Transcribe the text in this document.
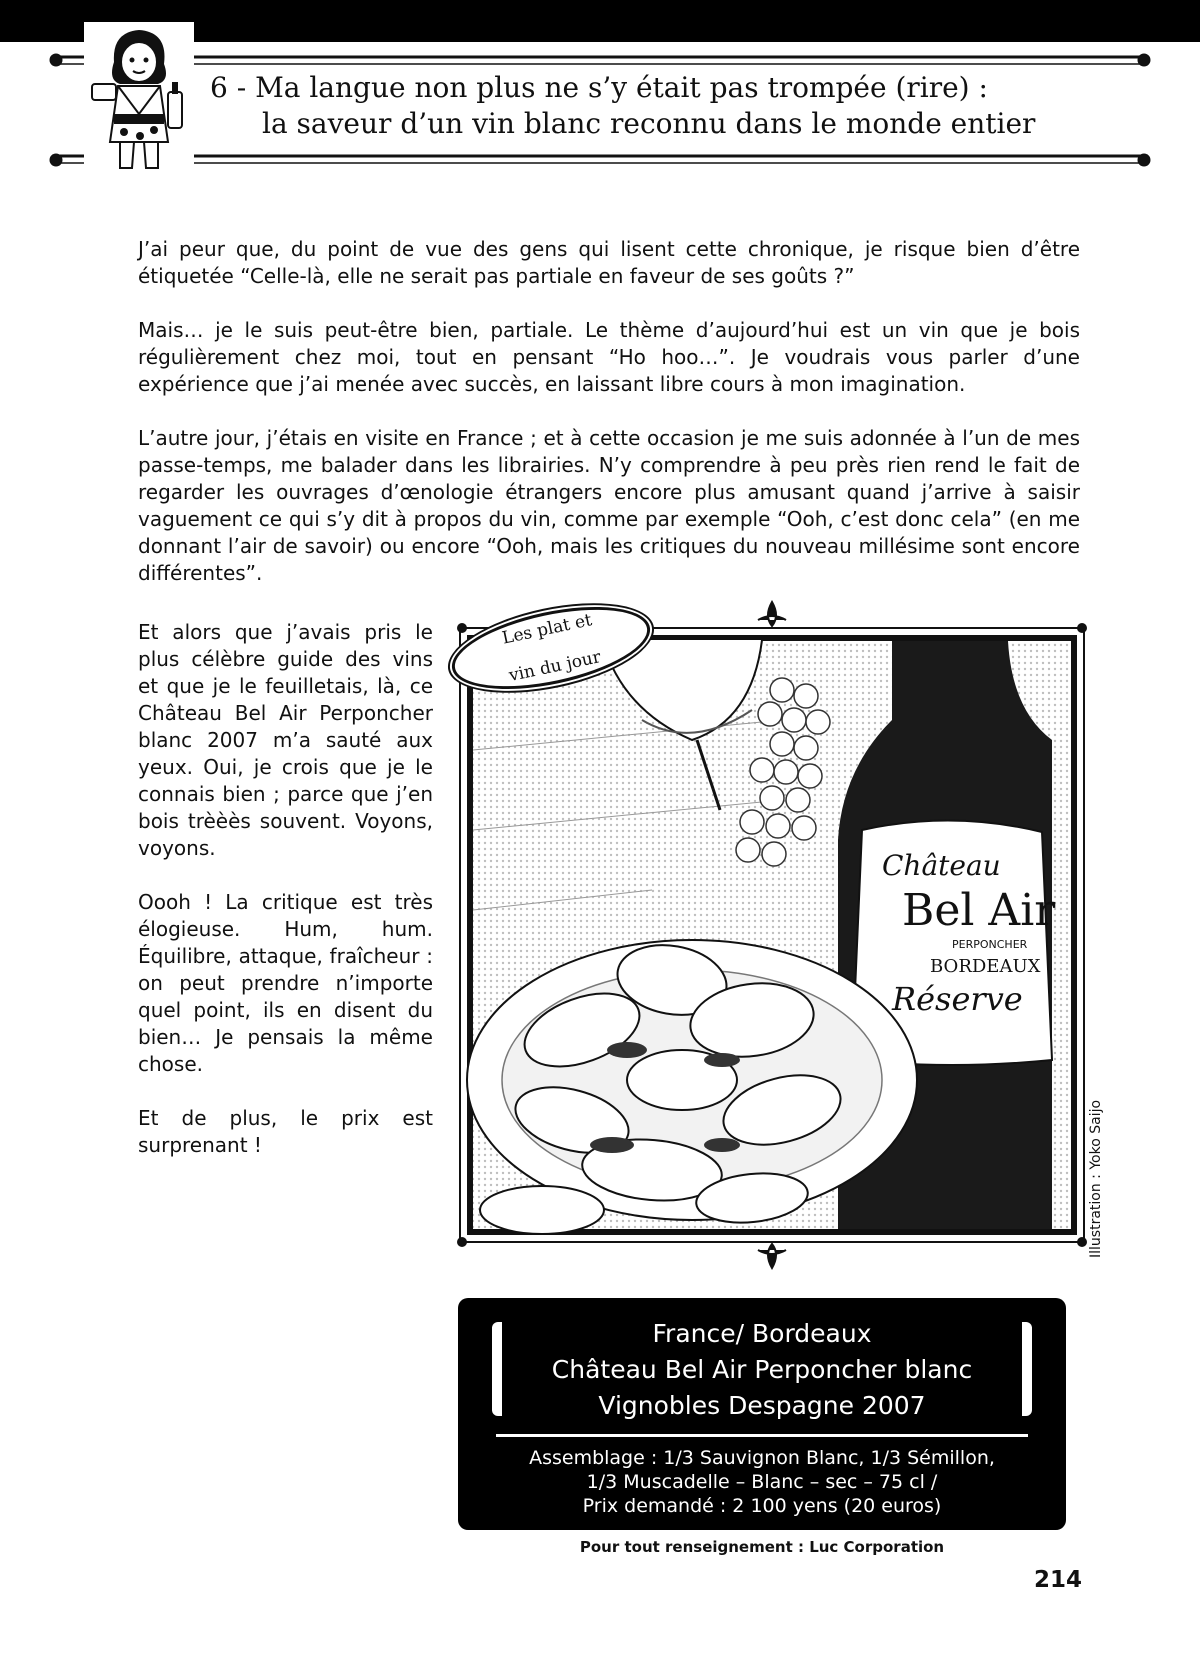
6 - Ma langue non plus ne s’y était pas trompée (rire) :
la saveur d’un vin blanc reconnu dans le monde entier

J’ai peur que, du point de vue des gens qui lisent cette chronique, je risque bien d’être étiquetée “Celle-là, elle ne serait pas partiale en faveur de ses goûts ?”

Mais… je le suis peut-être bien, partiale. Le thème d’aujourd’hui est un vin que je bois régulièrement chez moi, tout en pensant “Ho hoo…”. Je voudrais vous parler d’une expérience que j’ai menée avec succès, en laissant libre cours à mon imagination.

L’autre jour, j’étais en visite en France ; et à cette occasion je me suis adonnée à l’un de mes passe-temps, me balader dans les librairies. N’y comprendre à peu près rien rend le fait de regarder les ouvrages d’œnologie étrangers encore plus amusant quand j’arrive à saisir vaguement ce qui s’y dit à propos du vin, comme par exemple “Ooh, c’est donc cela” (en me donnant l’air de savoir) ou encore “Ooh, mais les critiques du nouveau millésime sont encore différentes”.

Et alors que j’avais pris le plus célèbre guide des vins et que je le feuilletais, là, ce Château Bel Air Perponcher blanc 2007 m’a sauté aux yeux. Oui, je crois que je le connais bien ; parce que j’en bois trèèès souvent. Voyons, voyons.

Oooh ! La critique est très élogieuse. Hum, hum. Équilibre, attaque, fraîcheur : on peut prendre n’importe quel point, ils en disent du bien… Je pensais la même chose.

Et de plus, le prix est surprenant !

Château
Bel Air
PERPONCHER
BORDEAUX
Réserve
Les plat et

vin du jour
Illustration : Yoko Saijo
France/ Bordeaux
Château Bel Air Perponcher blanc
Vignobles Despagne 2007
Assemblage : 1/3 Sauvignon Blanc, 1/3 Sémillon,
1/3 Muscadelle – Blanc – sec – 75 cl /
Prix demandé : 2 100 yens (20 euros)
Pour tout renseignement : Luc Corporation
214
